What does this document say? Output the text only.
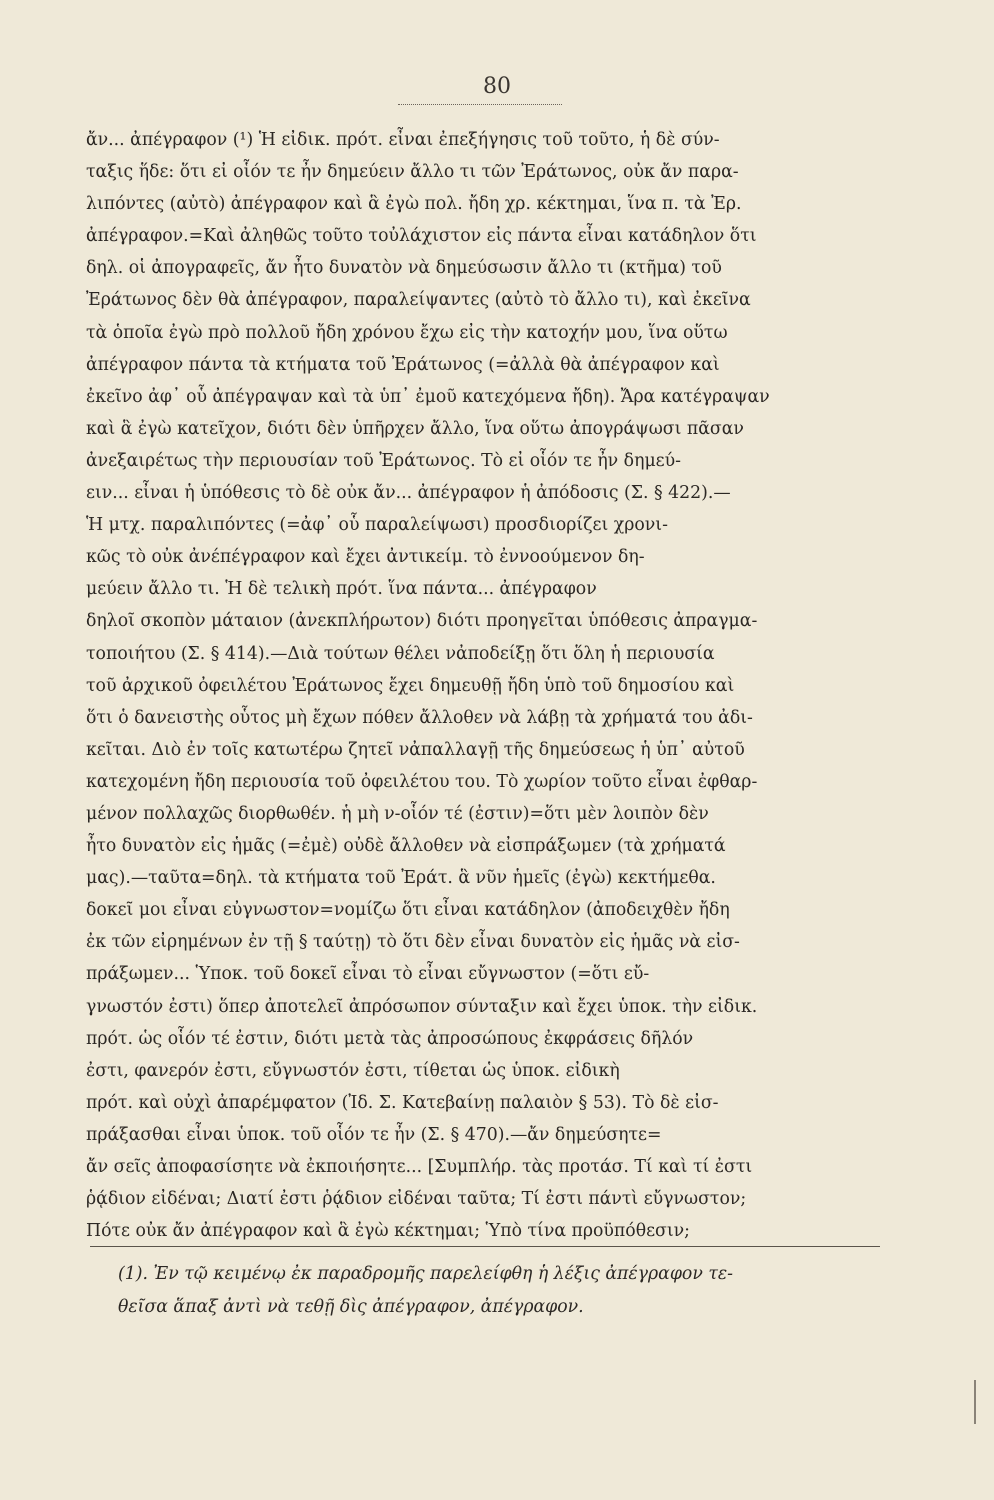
80
ἄν... ἀπέγραφον (¹) Ἡ εἰδικ. πρότ. εἶναι ἐπεξήγησις τοῦ τοῦτο, ἡ δὲ σύν-
ταξις ἥδε: ὅτι εἰ οἷόν τε ἦν δημεύειν ἄλλο τι τῶν Ἐράτωνος, οὐκ ἄν παρα-
λιπόντες (αὐτὸ) ἀπέγραφον καὶ ἃ ἐγὼ πολ. ἤδη χρ. κέκτημαι, ἵνα π. τὰ Ἐρ.
ἀπέγραφον.=Καὶ ἀληθῶς τοῦτο τοὐλάχιστον εἰς πάντα εἶναι κατάδηλον ὅτι
δηλ. οἱ ἀπογραφεῖς, ἄν ἦτο δυνατὸν νὰ δημεύσωσιν ἄλλο τι (κτῆμα) τοῦ
Ἐράτωνος δὲν θὰ ἀπέγραφον, παραλείψαντες (αὐτὸ τὸ ἄλλο τι), καὶ ἐκεῖνα
τὰ ὁποῖα ἐγὼ πρὸ πολλοῦ ἤδη χρόνου ἔχω εἰς τὴν κατοχήν μου, ἵνα οὕτω
ἀπέγραφον πάντα τὰ κτήματα τοῦ Ἐράτωνος (=ἀλλὰ θὰ ἀπέγραφον καὶ
ἐκεῖνο ἀφ᾽ οὗ ἀπέγραψαν καὶ τὰ ὑπ᾽ ἐμοῦ κατεχόμενα ἤδη). Ἄρα κατέγραψαν
καὶ ἃ ἐγὼ κατεῖχον, διότι δὲν ὑπῆρχεν ἄλλο, ἵνα οὕτω ἀπογράψωσι πᾶσαν
ἀνεξαιρέτως τὴν περιουσίαν τοῦ Ἐράτωνος. Τὸ εἰ οἷόν τε ἦν δημεύ-
ειν... εἶναι ἡ ὑπόθεσις τὸ δὲ οὐκ ἄν... ἀπέγραφον ἡ ἀπόδοσις (Σ. § 422).—
Ἡ μτχ. παραλιπόντες (=ἀφ᾽ οὗ παραλείψωσι) προσδιορίζει χρονι-
κῶς τὸ οὐκ ἀνέπέγραφον καὶ ἔχει ἀντικείμ. τὸ ἐννοούμενον δη-
μεύειν ἄλλο τι. Ἡ δὲ τελικὴ πρότ. ἵνα πάντα... ἀπέγραφον
δηλοῖ σκοπὸν μάταιον (ἀνεκπλήρωτον) διότι προηγεῖται ὑπόθεσις ἀπραγμα-
τοποιήτου (Σ. § 414).—Διὰ τούτων θέλει νἀποδείξῃ ὅτι ὅλη ἡ περιουσία
τοῦ ἀρχικοῦ ὀφειλέτου Ἐράτωνος ἔχει δημευθῇ ἤδη ὑπὸ τοῦ δημοσίου καὶ
ὅτι ὁ δανειστὴς οὗτος μὴ ἔχων πόθεν ἄλλοθεν νὰ λάβῃ τὰ χρήματά του ἀδι-
κεῖται. Διὸ ἐν τοῖς κατωτέρω ζητεῖ νἀπαλλαγῇ τῆς δημεύσεως ἡ ὑπ᾽ αὐτοῦ
κατεχομένη ἤδη περιουσία τοῦ ὀφειλέτου του. Τὸ χωρίον τοῦτο εἶναι ἐφθαρ-
μένον πολλαχῶς διορθωθέν. ἡ μὴ ν-οἷόν τέ (ἐστιν)=ὅτι μὲν λοιπὸν δὲν
ἦτο δυνατὸν εἰς ἡμᾶς (=ἐμὲ) οὐδὲ ἄλλοθεν νὰ εἰσπράξωμεν (τὰ χρήματά
μας).—ταῦτα=δηλ. τὰ κτήματα τοῦ Ἐράτ. ἃ νῦν ἡμεῖς (ἐγὼ) κεκτήμεθα.
δοκεῖ μοι εἶναι εὐγνωστον=νομίζω ὅτι εἶναι κατάδηλον (ἀποδειχθὲν ἤδη
ἐκ τῶν εἰρημένων ἐν τῇ § ταύτῃ) τὸ ὅτι δὲν εἶναι δυνατὸν εἰς ἡμᾶς νὰ εἰσ-
πράξωμεν... Ὑποκ. τοῦ δοκεῖ εἶναι τὸ εἶναι εὔγνωστον (=ὅτι εὔ-
γνωστόν ἐστι) ὅπερ ἀποτελεῖ ἀπρόσωπον σύνταξιν καὶ ἔχει ὑποκ. τὴν εἰδικ.
πρότ. ὡς οἷόν τέ ἐστιν, διότι μετὰ τὰς ἀπροσώπους ἐκφράσεις δῆλόν
ἐστι, φανερόν ἐστι, εὔγνωστόν ἐστι, τίθεται ὡς ὑποκ. εἰδικὴ
πρότ. καὶ οὐχὶ ἀπαρέμφατον (Ἰδ. Σ. Κατεβαίνῃ παλαιὸν § 53). Τὸ δὲ εἰσ-
πράξασθαι εἶναι ὑποκ. τοῦ οἷόν τε ἦν (Σ. § 470).—ἄν δημεύσητε=
ἄν σεῖς ἀποφασίσητε νὰ ἐκποιήσητε... [Συμπλήρ. τὰς προτάσ. Τί καὶ τί ἐστι
ῥᾴδιον εἰδέναι; Διατί ἐστι ῥᾴδιον εἰδέναι ταῦτα; Τί ἐστι πάντὶ εὔγνωστον;
Πότε οὐκ ἄν ἀπέγραφον καὶ ἃ ἐγὼ κέκτημαι; Ὑπὸ τίνα προϋπόθεσιν;
(1). Ἐν τῷ κειμένῳ ἐκ παραδρομῆς παρελείφθη ἡ λέξις ἀπέγραφον τε-
θεῖσα ἅπαξ ἀντὶ νὰ τεθῇ δὶς ἀπέγραφον, ἀπέγραφον.
